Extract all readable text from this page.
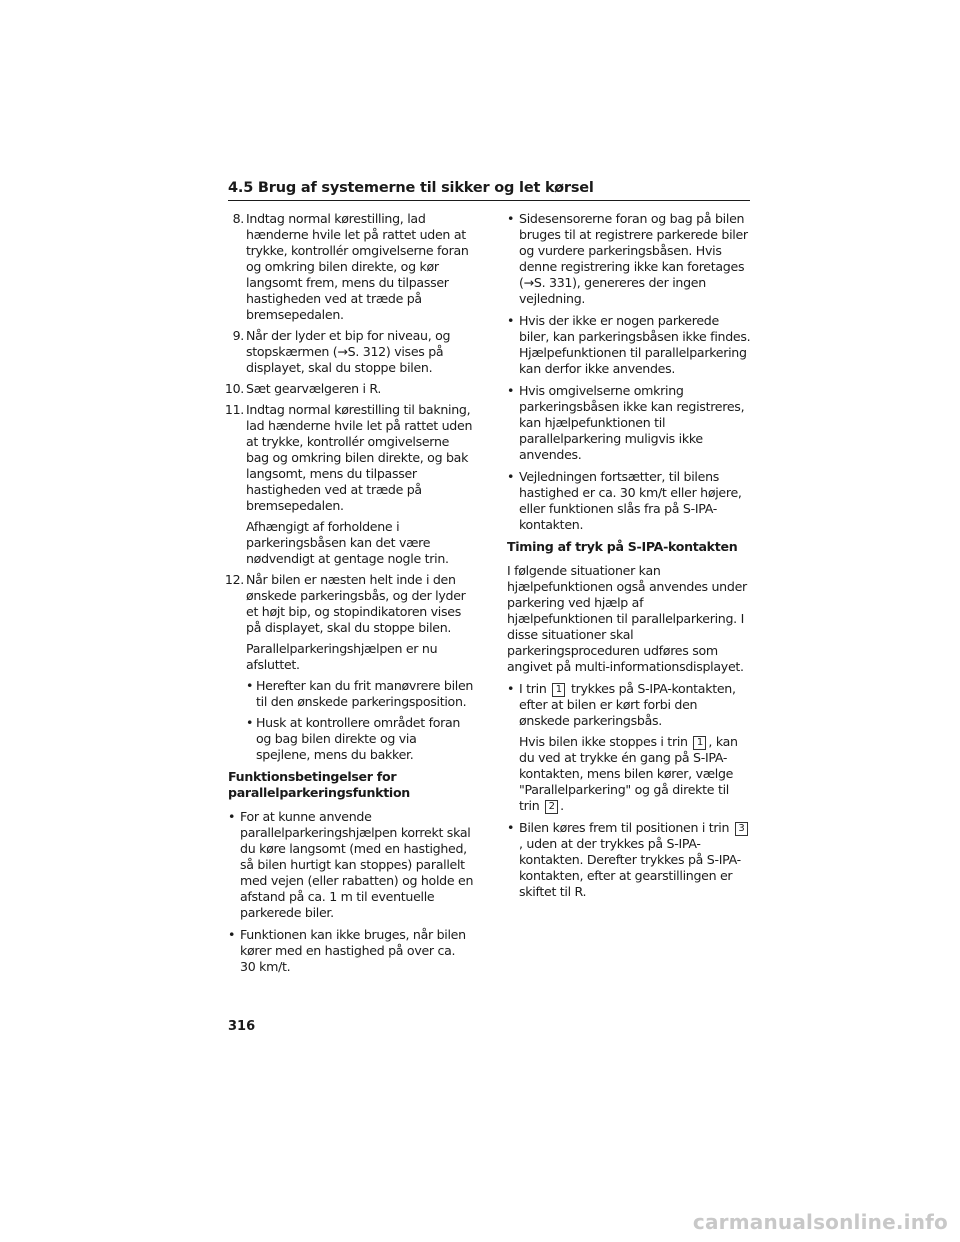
4.5 Brug af systemerne til sikker og let kørsel
8. Indtag normal kørestilling, lad hænderne hvile let på rattet uden at trykke, kontrollér omgivelserne foran og omkring bilen direkte, og kør langsomt frem, mens du tilpasser hastigheden ved at træde på bremsepedalen.

9. Når der lyder et bip for niveau, og stopskærmen (→S. 312) vises på displayet, skal du stoppe bilen.

10. Sæt gearvælgeren i R.

11. Indtag normal kørestilling til bakning, lad hænderne hvile let på rattet uden at trykke, kontrollér omgivelserne bag og omkring bilen direkte, og bak langsomt, mens du tilpasser hastigheden ved at træde på bremsepedalen.

Afhængigt af forholdene i parkeringsbåsen kan det være nødvendigt at gentage nogle trin.

12. Når bilen er næsten helt inde i den ønskede parkeringsbås, og der lyder et højt bip, og stopindikatoren vises på displayet, skal du stoppe bilen.

Parallelparkeringshjælpen er nu afsluttet.

• Herefter kan du frit manøvrere bilen til den ønskede parkeringsposition.

• Husk at kontrollere området foran og bag bilen direkte og via spejlene, mens du bakker.

Funktionsbetingelser for parallelparkeringsfunktion

• For at kunne anvende parallelparkeringshjælpen korrekt skal du køre langsomt (med en hastighed, så bilen hurtigt kan stoppes) parallelt med vejen (eller rabatten) og holde en afstand på ca. 1 m til eventuelle parkerede biler.

• Funktionen kan ikke bruges, når bilen kører med en hastighed på over ca. 30 km/t.

• Sidesensorerne foran og bag på bilen bruges til at registrere parkerede biler og vurdere parkeringsbåsen. Hvis denne registrering ikke kan foretages (→S. 331), genereres der ingen vejledning.

• Hvis der ikke er nogen parkerede biler, kan parkeringsbåsen ikke findes. Hjælpefunktionen til parallelparkering kan derfor ikke anvendes.

• Hvis omgivelserne omkring parkeringsbåsen ikke kan registreres, kan hjælpefunktionen til parallelparkering muligvis ikke anvendes.

• Vejledningen fortsætter, til bilens hastighed er ca. 30 km/t eller højere, eller funktionen slås fra på S-IPA-kontakten.

Timing af tryk på S-IPA-kontakten

I følgende situationer kan hjælpefunktionen også anvendes under parkering ved hjælp af hjælpefunktionen til parallelparkering. I disse situationer skal parkeringsproceduren udføres som angivet på multi-informationsdisplayet.

• I trin 1 trykkes på S-IPA-kontakten, efter at bilen er kørt forbi den ønskede parkeringsbås.

Hvis bilen ikke stoppes i trin 1 , kan du ved at trykke én gang på S-IPA-kontakten, mens bilen kører, vælge "Parallelparkering" og gå direkte til trin 2 .

• Bilen køres frem til positionen i trin 3, uden at der trykkes på S-IPA-kontakten. Derefter trykkes på S-IPA-kontakten, efter at gearstillingen er skiftet til R.

316
carmanualsonline.info
